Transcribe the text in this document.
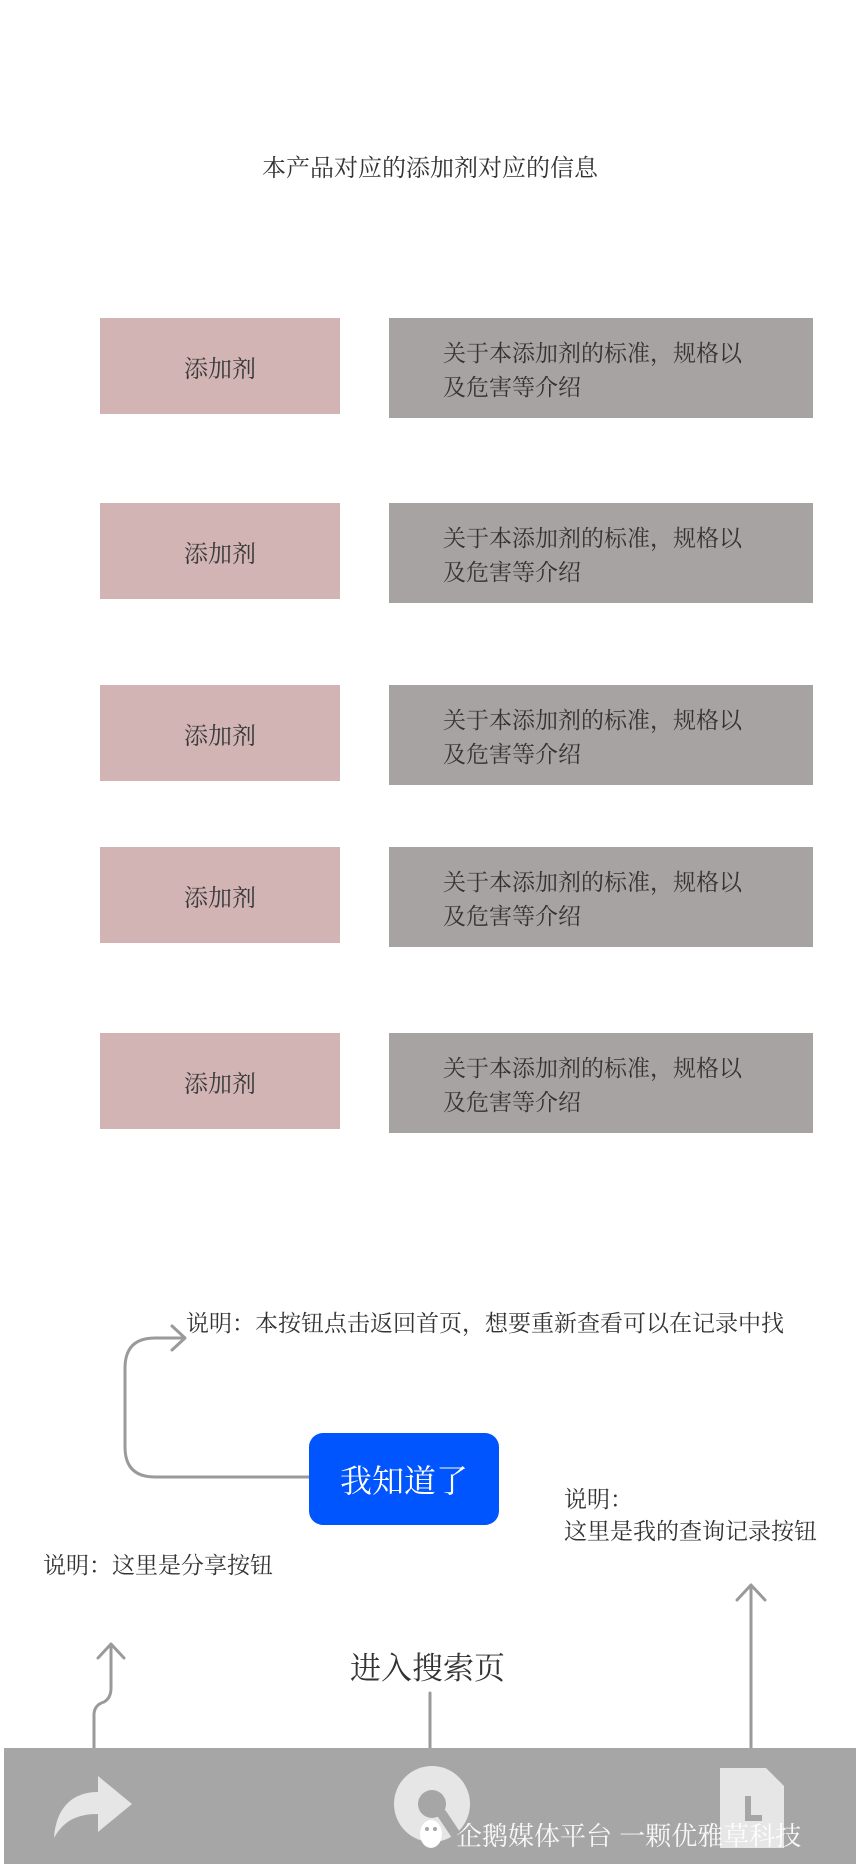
本产品对应的添加剂对应的信息
添加剂
关于本添加剂的标准，规格以及危害等介绍
添加剂
关于本添加剂的标准，规格以及危害等介绍
添加剂
关于本添加剂的标准，规格以及危害等介绍
添加剂
关于本添加剂的标准，规格以及危害等介绍
添加剂
关于本添加剂的标准，规格以及危害等介绍
说明：本按钮点击返回首页，想要重新查看可以在记录中找
说明：
这里是我的查询记录按钮
说明：这里是分享按钮
我知道了
进入搜索页
企鹅媒体平台 一颗优雅草科技
